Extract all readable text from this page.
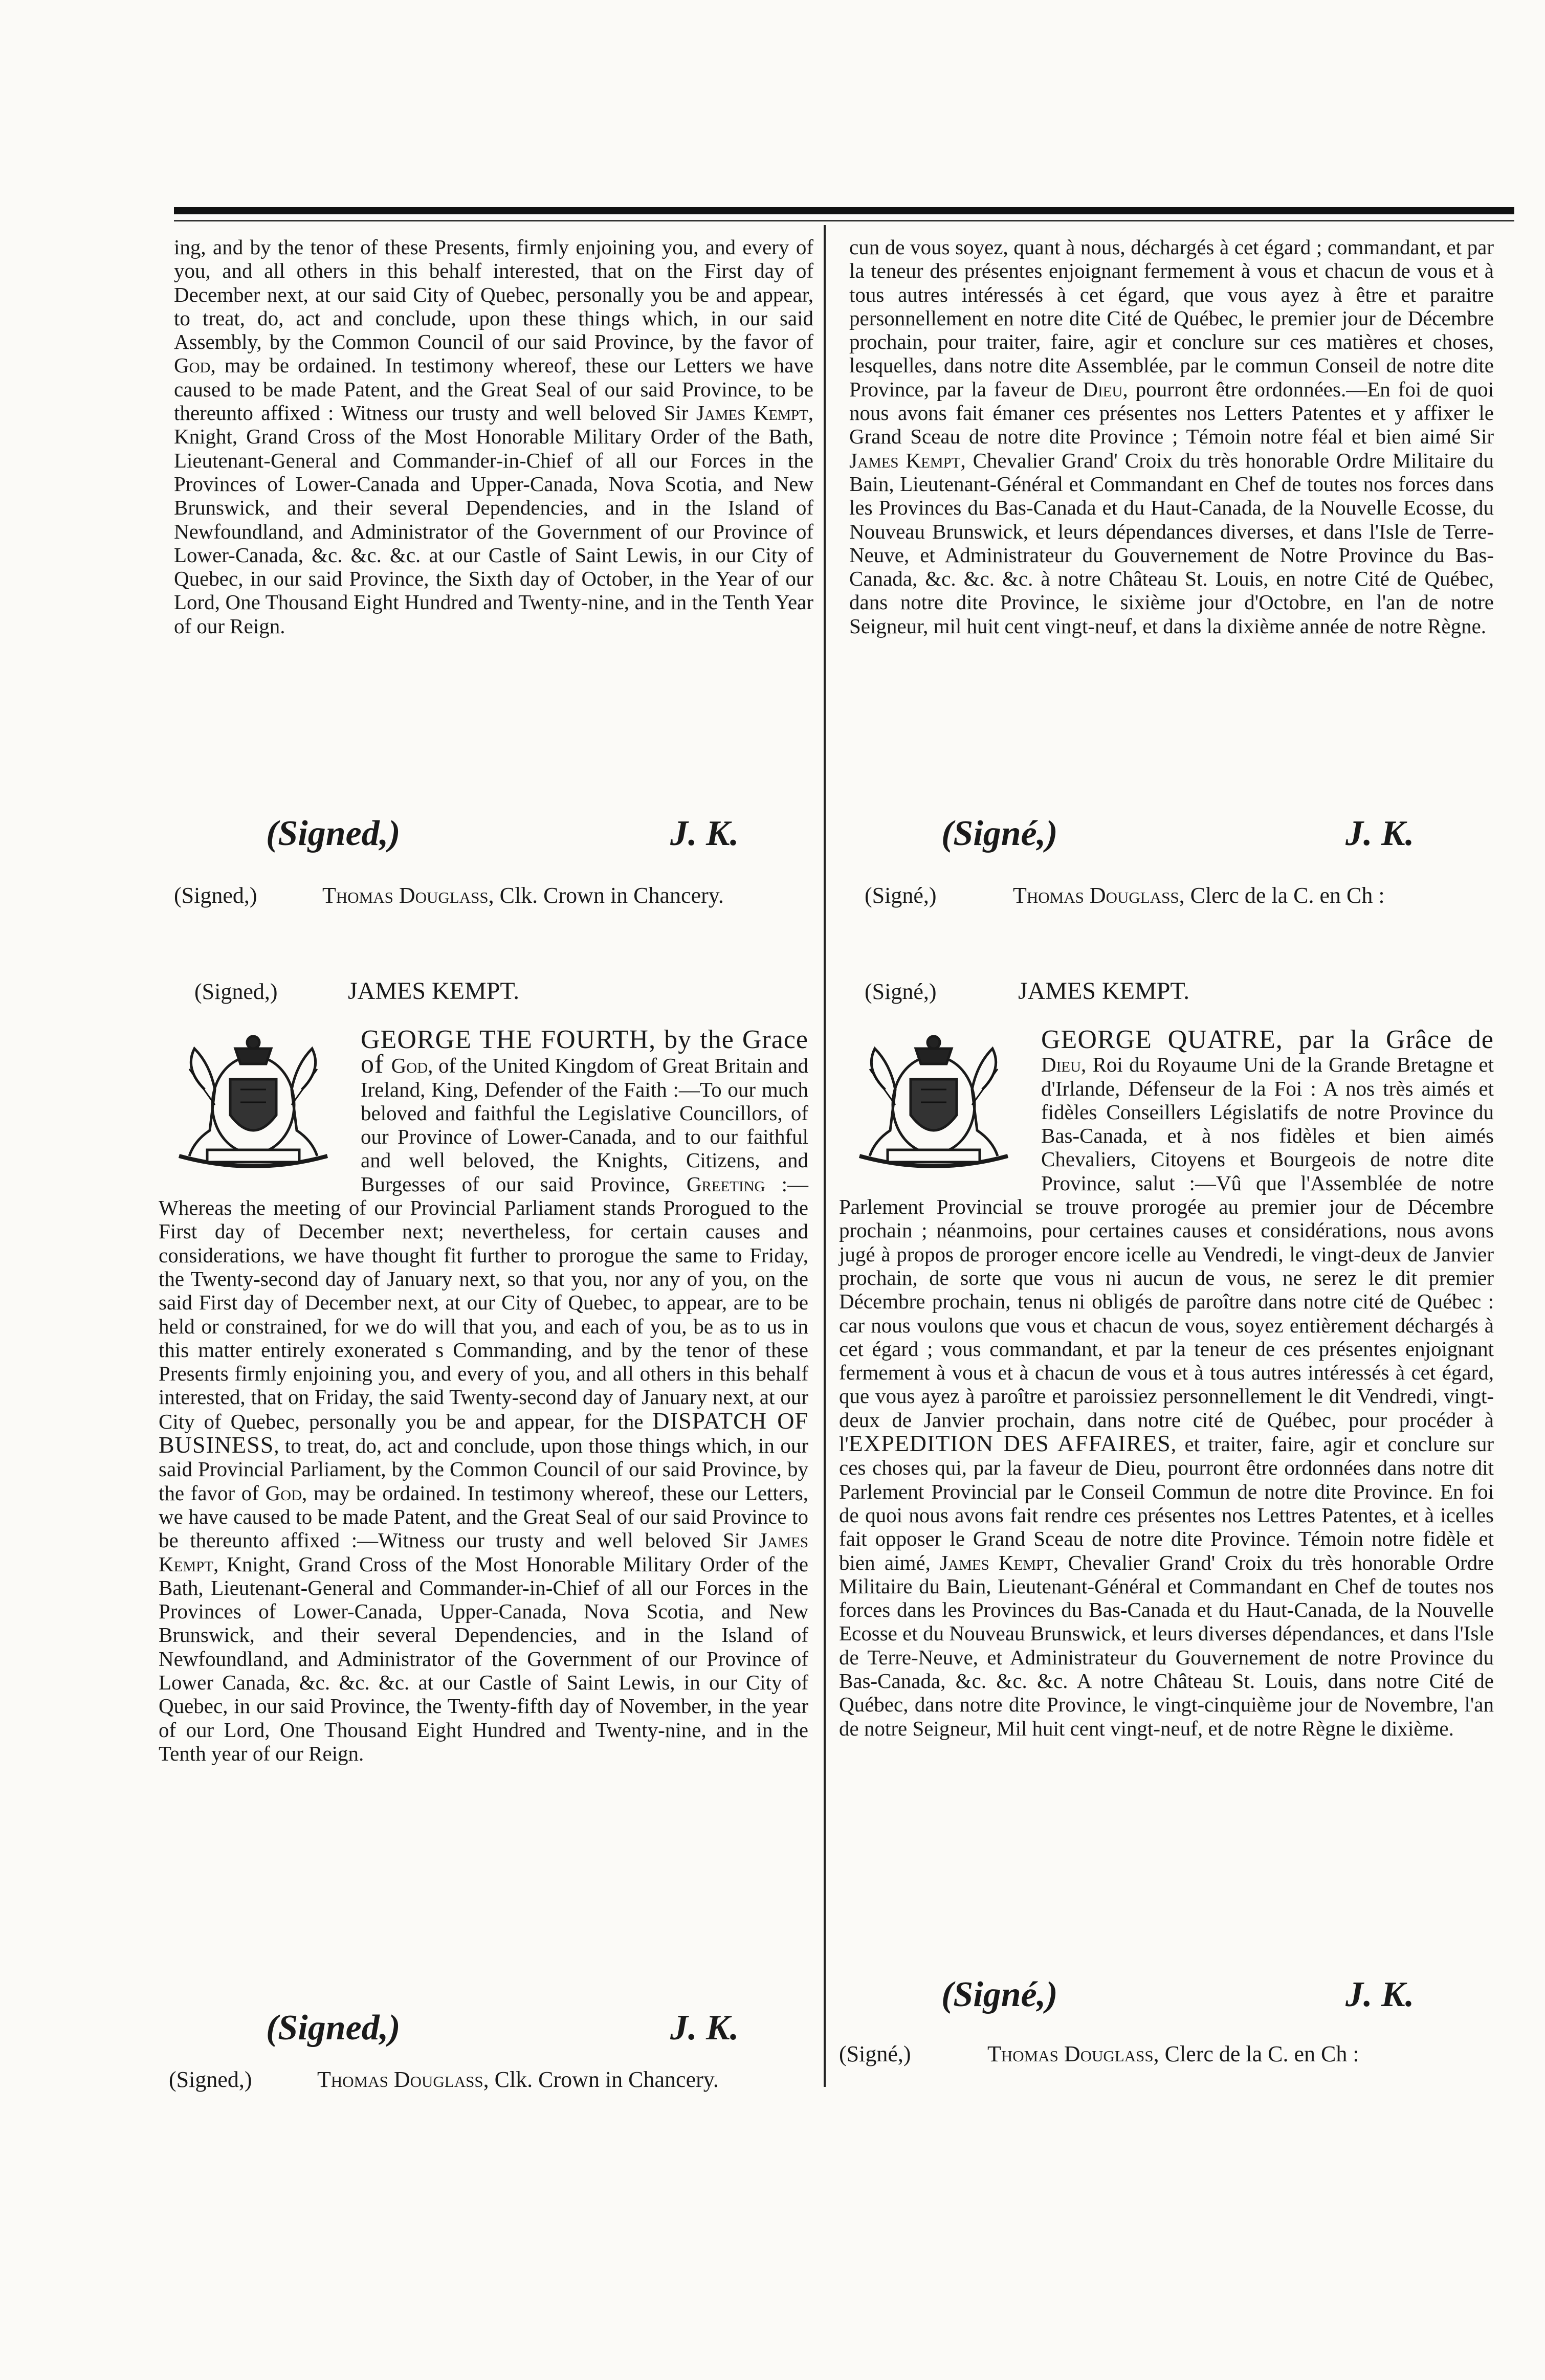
ing, and by the tenor of these Presents, firmly enjoining you, and every of you, and all others in this behalf interested, that on the First day of December next, at our said City of Quebec, personally you be and appear, to treat, do, act and conclude, upon these things which, in our said Assembly, by the Common Council of our said Province, by the favor of God, may be ordained. In testimony whereof, these our Letters we have caused to be made Patent, and the Great Seal of our said Province, to be thereunto affixed : Witness our trusty and well beloved Sir James Kempt, Knight, Grand Cross of the Most Honorable Military Order of the Bath, Lieutenant-General and Commander-in-Chief of all our Forces in the Provinces of Lower-Canada and Upper-Canada, Nova Scotia, and New Brunswick, and their several Dependencies, and in the Island of Newfoundland, and Administrator of the Government of our Province of Lower-Canada, &c. &c. &c. at our Castle of Saint Lewis, in our City of Quebec, in our said Province, the Sixth day of October, in the Year of our Lord, One Thousand Eight Hundred and Twenty-nine, and in the Tenth Year of our Reign.

(Signed,)	J. K.
(Signed,)	Thomas Douglass, Clk. Crown in Chancery.
(Signed,)	JAMES KEMPT.

GEORGE THE FOURTH, by the Grace of God, of the United Kingdom of Great Britain and Ireland, King, Defender of the Faith :—To our much beloved and faithful the Legislative Councillors, of our Province of Lower-Canada, and to our faithful and well beloved, the Knights, Citizens, and Burgesses of our said Province, Greeting :—Whereas the meeting of our Provincial Parliament stands Prorogued to the First day of December next; nevertheless, for certain causes and considerations, we have thought fit further to prorogue the same to Friday, the Twenty-second day of January next, so that you, nor any of you, on the said First day of December next, at our City of Quebec, to appear, are to be held or constrained, for we do will that you, and each of you, be as to us in this matter entirely exonerated s Commanding, and by the tenor of these Presents firmly enjoining you, and every of you, and all others in this behalf interested, that on Friday, the said Twenty-second day of January next, at our City of Quebec, personally you be and appear, for the DISPATCH OF BUSINESS, to treat, do, act and conclude, upon those things which, in our said Provincial Parliament, by the Common Council of our said Province, by the favor of God, may be ordained. In testimony whereof, these our Letters, we have caused to be made Patent, and the Great Seal of our said Province to be thereunto affixed :—Witness our trusty and well beloved Sir James Kempt, Knight, Grand Cross of the Most Honorable Military Order of the Bath, Lieutenant-General and Commander-in-Chief of all our Forces in the Provinces of Lower-Canada, Upper-Canada, Nova Scotia, and New Brunswick, and their several Dependencies, and in the Island of Newfoundland, and Administrator of the Government of our Province of Lower Canada, &c. &c. &c. at our Castle of Saint Lewis, in our City of Quebec, in our said Province, the Twenty-fifth day of November, in the year of our Lord, One Thousand Eight Hundred and Twenty-nine, and in the Tenth year of our Reign.

(Signed,)	J. K.
(Signed,)	Thomas Douglass, Clk. Crown in Chancery.

cun de vous soyez, quant à nous, déchargés à cet égard ; commandant, et par la teneur des présentes enjoignant fermement à vous et chacun de vous et à tous autres intéressés à cet égard, que vous ayez à être et paraitre personnellement en notre dite Cité de Québec, le premier jour de Décembre prochain, pour traiter, faire, agir et conclure sur ces matières et choses, lesquelles, dans notre dite Assemblée, par le commun Conseil de notre dite Province, par la faveur de Dieu, pourront être ordonnées.—En foi de quoi nous avons fait émaner ces présentes nos Letters Patentes et y affixer le Grand Sceau de notre dite Province ; Témoin notre féal et bien aimé Sir James Kempt, Chevalier Grand' Croix du très honorable Ordre Militaire du Bain, Lieutenant-Général et Commandant en Chef de toutes nos forces dans les Provinces du Bas-Canada et du Haut-Canada, de la Nouvelle Ecosse, du Nouveau Brunswick, et leurs dépendances diverses, et dans l'Isle de Terre-Neuve, et Administrateur du Gouvernement de Notre Province du Bas-Canada, &c. &c. &c. à notre Château St. Louis, en notre Cité de Québec, dans notre dite Province, le sixième jour d'Octobre, en l'an de notre Seigneur, mil huit cent vingt-neuf, et dans la dixième année de notre Règne.

(Signé,)	J. K.
(Signé,)	Thomas Douglass, Clerc de la C. en Ch :
(Signé,)	JAMES KEMPT.

GEORGE QUATRE, par la Grâce de Dieu, Roi du Royaume Uni de la Grande Bretagne et d'Irlande, Défenseur de la Foi : A nos très aimés et fidèles Conseillers Législatifs de notre Province du Bas-Canada, et à nos fidèles et bien aimés Chevaliers, Citoyens et Bourgeois de notre dite Province, salut :—Vû que l'Assemblée de notre Parlement Provincial se trouve prorogée au premier jour de Décembre prochain ; néanmoins, pour certaines causes et considérations, nous avons jugé à propos de proroger encore icelle au Vendredi, le vingt-deux de Janvier prochain, de sorte que vous ni aucun de vous, ne serez le dit premier Décembre prochain, tenus ni obligés de paroître dans notre cité de Québec : car nous voulons que vous et chacun de vous, soyez entièrement déchargés à cet égard ; vous commandant, et par la teneur de ces présentes enjoignant fermement à vous et à chacun de vous et à tous autres intéressés à cet égard, que vous ayez à paroître et paroissiez personnellement le dit Vendredi, vingt-deux de Janvier prochain, dans notre cité de Québec, pour procéder à l'EXPEDITION DES AFFAIRES, et traiter, faire, agir et conclure sur ces choses qui, par la faveur de Dieu, pourront être ordonnées dans notre dit Parlement Provincial par le Conseil Commun de notre dite Province. En foi de quoi nous avons fait rendre ces présentes nos Lettres Patentes, et à icelles fait opposer le Grand Sceau de notre dite Province. Témoin notre fidèle et bien aimé, James Kempt, Chevalier Grand' Croix du très honorable Ordre Militaire du Bain, Lieutenant-Général et Commandant en Chef de toutes nos forces dans les Provinces du Bas-Canada et du Haut-Canada, de la Nouvelle Ecosse et du Nouveau Brunswick, et leurs diverses dépendances, et dans l'Isle de Terre-Neuve, et Administrateur du Gouvernement de notre Province du Bas-Canada, &c. &c. &c. A notre Château St. Louis, dans notre Cité de Québec, dans notre dite Province, le vingt-cinquième jour de Novembre, l'an de notre Seigneur, Mil huit cent vingt-neuf, et de notre Règne le dixième.

(Signé,)	J. K.
(Signé,)	Thomas Douglass, Clerc de la C. en Ch :
